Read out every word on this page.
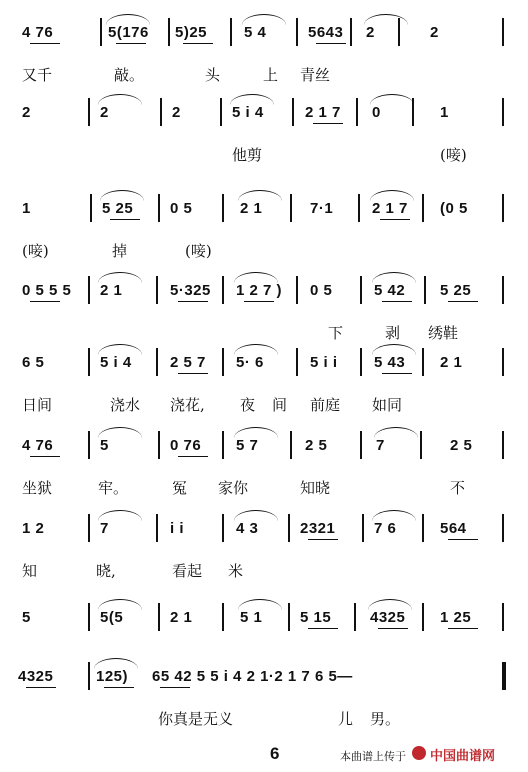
4 76	5(176 5)25 5 4	5643 2	2
又千	敲。	头	上 青丝
2	2	2	5 i 4	2 1 7 0	1
他剪	(唼)
1	5 25 0 5	2 1	7·1	2 1 7 (0 5
(唼)	掉	(唼)
0 5 5 5 2 1	5·325 1 2 7 ) 0 5	5 42 5 25
下	剥 绣鞋
6 5	5 i 4	2 5 7 5· 6	5 i i 5 43 2 1
日间	浇水 浇花, 夜 间 前庭 如同
4 76	5	0 76 5 7	2 5	7	2 5
坐狱	牢。	冤 家你	知晓	不
1 2	7	i i	4 3	2321	7 6	564
知	晓,	看起 米
5	5(5	2 1	5 1	5 15	4325 1 25
4325	125) 65 42 5 5 i 4 2 1·2 1 7 6 5—
你真是无义	儿 男。
6	本曲谱上传于 中国曲谱网
